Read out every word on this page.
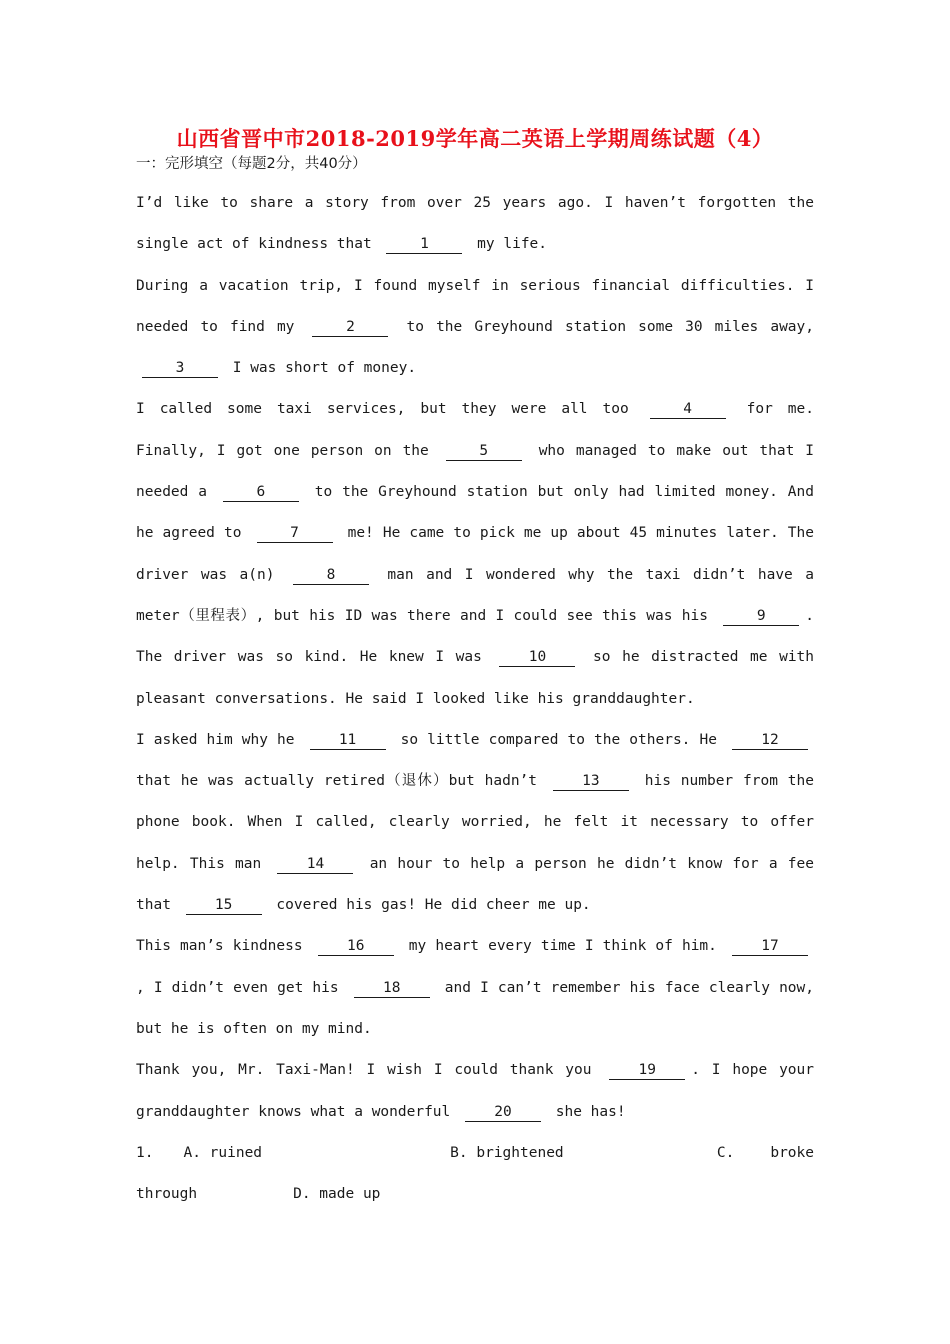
山西省晋中市2018-2019学年高二英语上学期周练试题（4）
一：完形填空（每题2分，共40分）
I’d like to share a story from over 25 years ago. I haven’t forgotten the single act of kindness that	1	my life.
During a vacation trip, I found myself in serious financial difficulties. I needed to find my	2	to the Greyhound station some 30 miles away, 3	I was short of money.
I called some taxi services, but they were all too	4	for me. Finally, I got one person on the	5	who managed to make out that I needed a	6	to the Greyhound station but only had limited money. And he agreed to	7	me! He came to pick me up about 45 minutes later. The driver was a(n)	8	man and I wondered why the taxi didn’t have a meter（里程表）, but his ID was there and I could see this was his	9	. The driver was so kind. He knew I was 10 so he distracted me with pleasant conversations. He said I looked like his granddaughter.
I asked him why he 11 so little compared to the others. He 12 that he was actually retired（退休）but hadn’t 13 his number from the phone book. When I called, clearly worried, he felt it necessary to offer help. This man 14 an hour to help a person he didn’t know for a fee that 15 covered his gas! He did cheer me up.
This man’s kindness 16 my heart every time I think of him. 17, I didn’t even get his 18 and I can’t remember his face clearly now, but he is often on my mind.
Thank you, Mr. Taxi-Man! I wish I could thank you 19 . I hope your granddaughter knows what a wonderful 20 she has!
1. A. ruined	B. brightened	C. broke
through	D. made up
